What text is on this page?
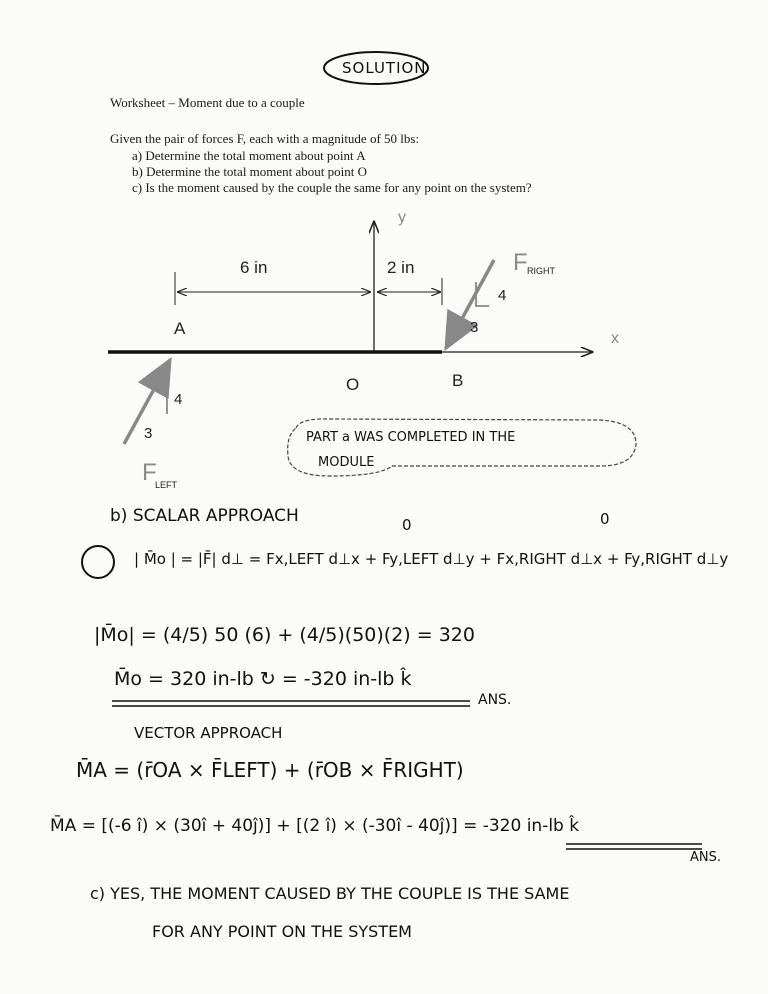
SOLUTION
Worksheet – Moment due to a couple
Given the pair of forces F, each with a magnitude of 50 lbs:
a) Determine the total moment about point A
b) Determine the total moment about point O
c) Is the moment caused by the couple the same for any point on the system?
y
x
6 in	2 in
A
O	B
F RIGHT
F
LEFT
4
3
4
3	PART a WAS COMPLETED IN THE
MODULE
b) SCALAR APPROACH	0	0
| M̄o | = |F̄| d⊥ = Fx,LEFT d⊥x + Fy,LEFT d⊥y + Fx,RIGHT d⊥x + Fy,RIGHT d⊥y
|M̄o| = (4/5) 50 (6) + (4/5)(50)(2) = 320
M̄o = 320 in-lb ↻ = -320 in-lb k̂
ANS.
VECTOR APPROACH
M̄A = (r̄OA × F̄LEFT) + (r̄OB × F̄RIGHT)
M̄A = [(-6 î) × (30î + 40ĵ)] + [(2 î) × (-30î - 40ĵ)] = -320 in-lb k̂
ANS.
c) YES, THE MOMENT CAUSED BY THE COUPLE IS THE SAME
FOR ANY POINT ON THE SYSTEM
